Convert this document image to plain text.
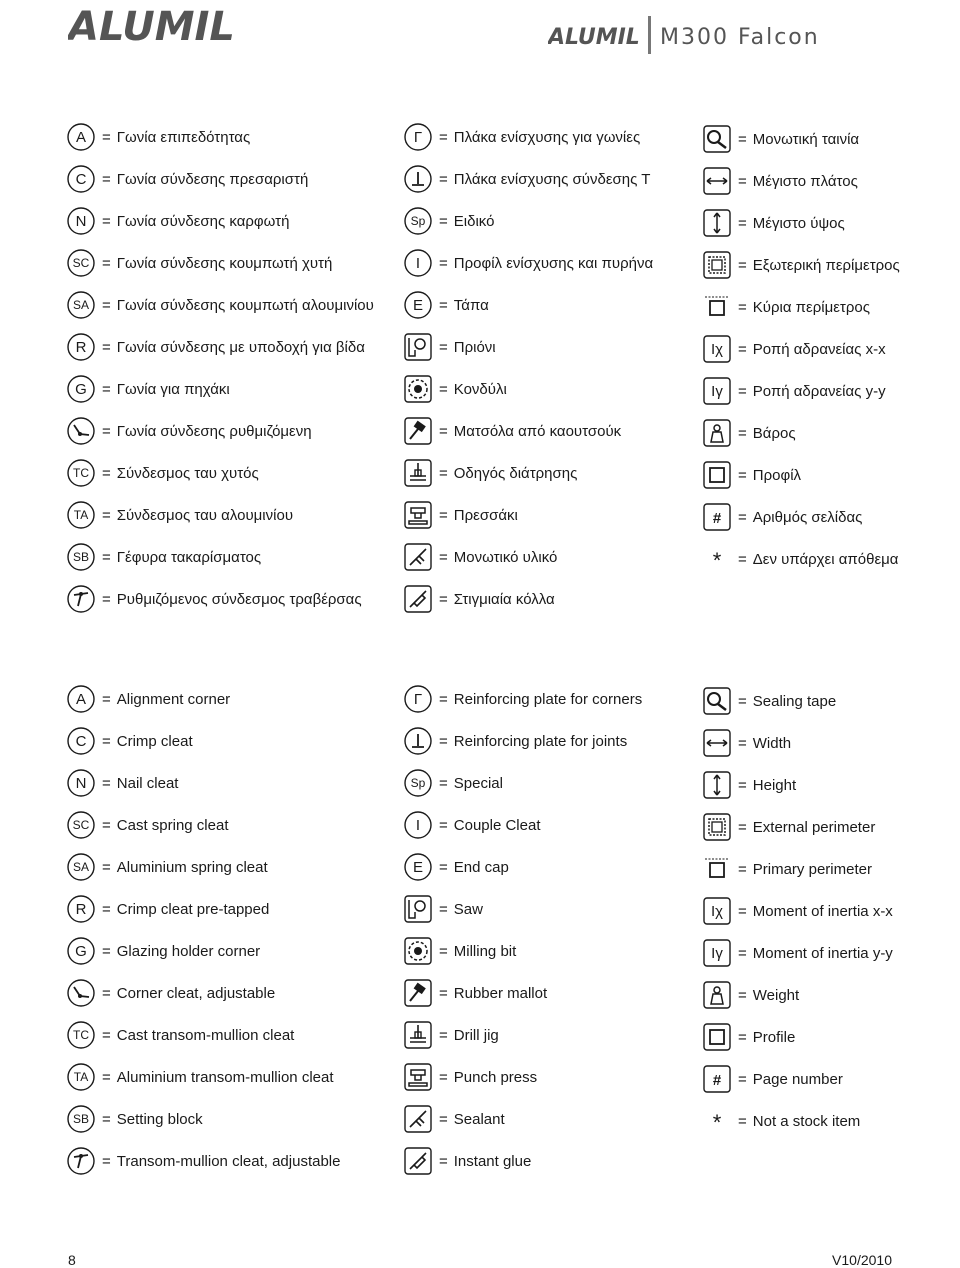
ALUMIL	ALUMIL M300 Falcon
A = Γωνία επιπεδότητας
C = Γωνία σύνδεσης πρεσαριστή
N = Γωνία σύνδεσης καρφωτή
SC = Γωνία σύνδεσης κουμπωτή χυτή
SA = Γωνία σύνδεσης κουμπωτή αλουμινίου
R = Γωνία σύνδεσης με υποδοχή για βίδα
G = Γωνία για πηχάκι
= Γωνία σύνδεσης ρυθμιζόμενη
TC = Σύνδεσμος ταυ χυτός
TA = Σύνδεσμος ταυ αλουμινίου
SB = Γέφυρα τακαρίσματος
= Ρυθμιζόμενος σύνδεσμος τραβέρσας
Γ = Πλάκα ενίσχυσης για γωνίες
= Πλάκα ενίσχυσης σύνδεσης Τ
Sp = Ειδικό
I = Προφίλ ενίσχυσης και πυρήνα
E = Τάπα
= Πριόνι
= Κονδύλι
= Ματσόλα από καουτσούκ
= Οδηγός διάτρησης
= Πρεσσάκι
= Μονωτικό υλικό
= Στιγμιαία κόλλα
= Μονωτική ταινία
= Μέγιστο πλάτος
= Μέγιστο ύψος
= Εξωτερική περίμετρος
= Κύρια περίμετρος
Iχ = Ροπή αδρανείας x-x
Iγ = Ροπή αδρανείας y-y
= Βάρος
= Προφίλ
# = Αριθμός σελίδας
* = Δεν υπάρχει απόθεμα
A = Alignment corner
C = Crimp cleat
N = Nail cleat
SC = Cast spring cleat
SA = Aluminium spring cleat
R = Crimp cleat pre-tapped
G = Glazing holder corner
= Corner cleat, adjustable
TC = Cast transom-mullion cleat
TA = Aluminium transom-mullion cleat
SB = Setting block
= Transom-mullion cleat, adjustable
Γ = Reinforcing plate for corners
= Reinforcing plate for joints
Sp = Special
I = Couple Cleat
E = End cap
= Saw
= Milling bit
= Rubber mallot
= Drill jig
= Punch press
= Sealant
= Instant glue
= Sealing tape
= Width
= Height
= External perimeter
= Primary perimeter
Iχ = Moment of inertia x-x
Iγ = Moment of inertia y-y
= Weight
= Profile
# = Page number
* = Not a stock item
8	V10/2010
